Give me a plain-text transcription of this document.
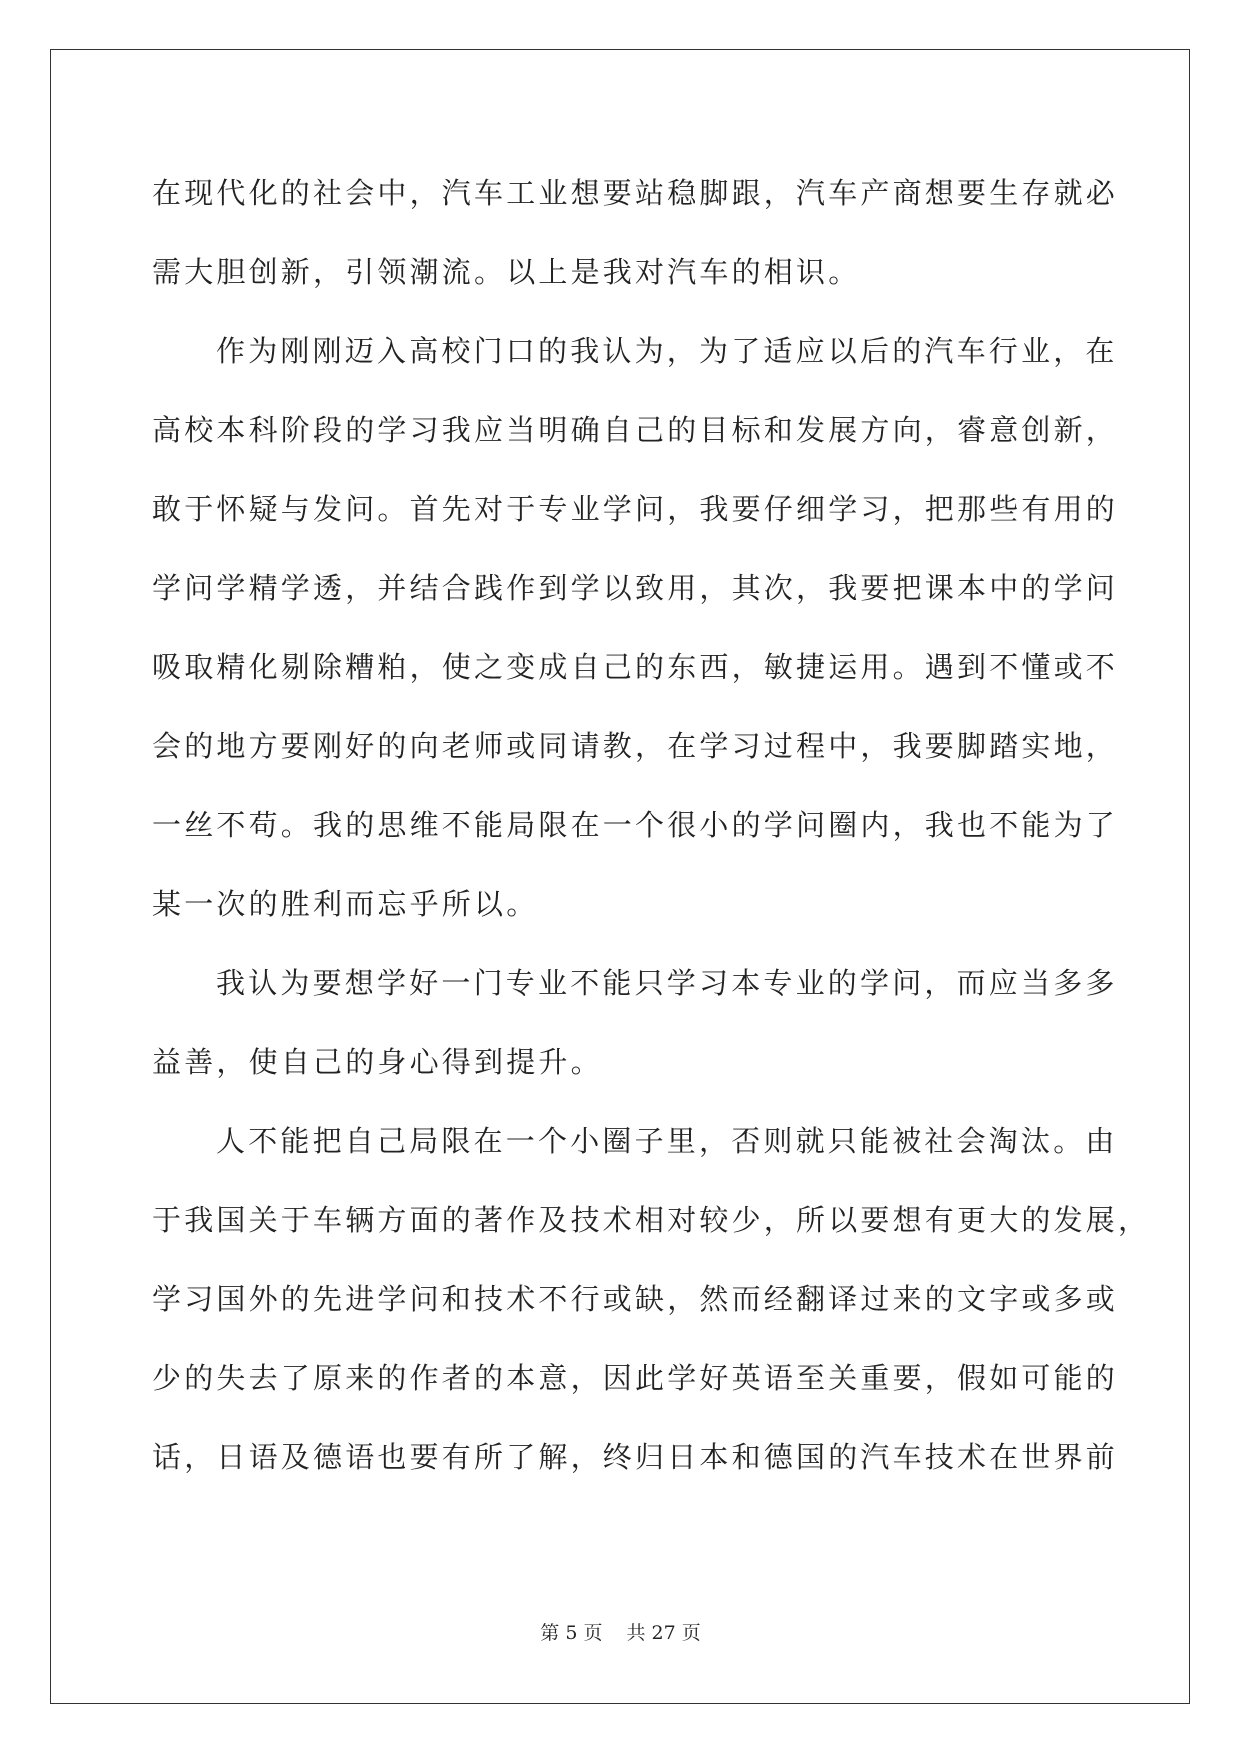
在现代化的社会中，汽车工业想要站稳脚跟，汽车产商想要生存就必
需大胆创新，引领潮流。以上是我对汽车的相识。
作为刚刚迈入高校门口的我认为，为了适应以后的汽车行业，在
高校本科阶段的学习我应当明确自己的目标和发展方向，睿意创新，
敢于怀疑与发问。首先对于专业学问，我要仔细学习，把那些有用的
学问学精学透，并结合践作到学以致用，其次，我要把课本中的学问
吸取精化剔除糟粕，使之变成自己的东西，敏捷运用。遇到不懂或不
会的地方要刚好的向老师或同请教，在学习过程中，我要脚踏实地，
一丝不苟。我的思维不能局限在一个很小的学问圈内，我也不能为了
某一次的胜利而忘乎所以。
我认为要想学好一门专业不能只学习本专业的学问，而应当多多
益善，使自己的身心得到提升。
人不能把自己局限在一个小圈子里，否则就只能被社会淘汰。由
于我国关于车辆方面的著作及技术相对较少，所以要想有更大的发展，
学习国外的先进学问和技术不行或缺，然而经翻译过来的文字或多或
少的失去了原来的作者的本意，因此学好英语至关重要，假如可能的
话，日语及德语也要有所了解，终归日本和德国的汽车技术在世界前
第 5 页 共 27 页
